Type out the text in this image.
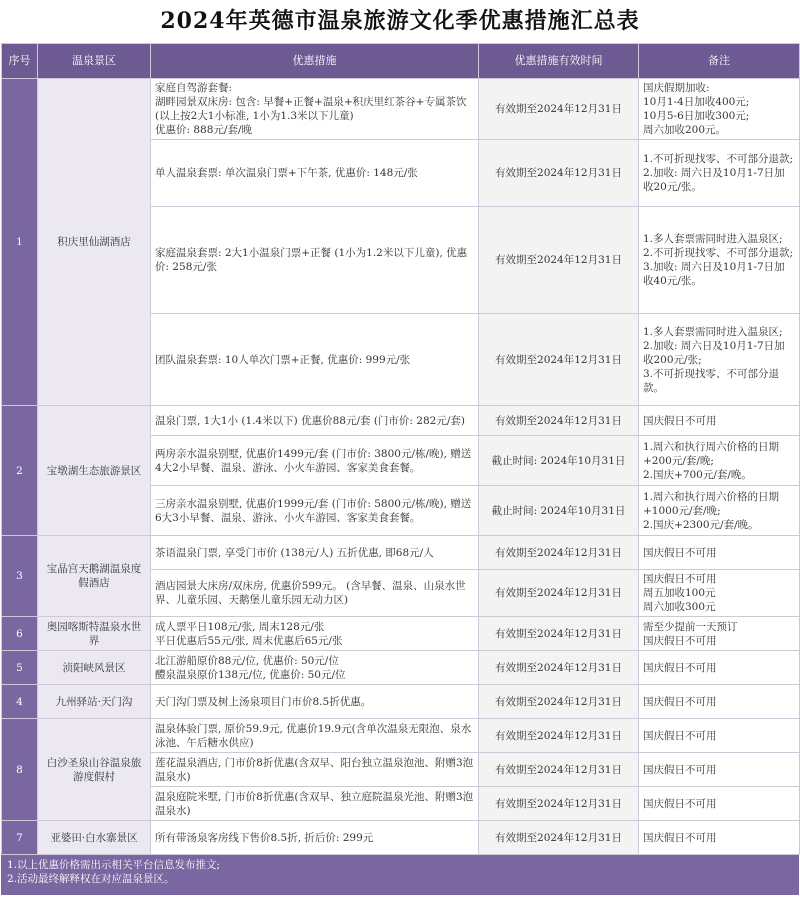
2024年英德市温泉旅游文化季优惠措施汇总表
序号	温泉景区	优惠措施	优惠措施有效时间	备注
1	积庆里仙湖酒店	家庭自驾游套餐:
湖畔园景双床房: 包含: 早餐+正餐+温泉+积庆里红茶谷+专属茶饮 (以上按2大1小标准, 1小为1.3米以下儿童)
优惠价: 888元/套/晚	有效期至2024年12月31日	国庆假期加收:
10月1-4日加收400元;
10月5-6日加收300元;
周六加收200元。
		单人温泉套票: 单次温泉门票+下午茶, 优惠价: 148元/张	有效期至2024年12月31日	1.不可折现找零、不可部分退款;
2.加收: 周六日及10月1-7日加收20元/张。
		家庭温泉套票: 2大1小温泉门票+正餐 (1小为1.2米以下儿童), 优惠价: 258元/张	有效期至2024年12月31日	1.多人套票需同时进入温泉区;
2.不可折现找零、不可部分退款;
3.加收: 周六日及10月1-7日加收40元/张。
		团队温泉套票: 10人单次门票+正餐, 优惠价: 999元/张	有效期至2024年12月31日	1.多人套票需同时进入温泉区;
2.加收: 周六日及10月1-7日加收200元/张;
3.不可折现找零、不可部分退款。
2	宝墩湖生态旅游景区	温泉门票, 1大1小 (1.4米以下) 优惠价88元/套 (门市价: 282元/套)	有效期至2024年12月31日	国庆假日不可用
		两房亲水温泉别墅, 优惠价1499元/套 (门市价: 3800元/栋/晚), 赠送4大2小早餐、温泉、游泳、小火车游园、客家美食套餐。	截止时间: 2024年10月31日	1.周六和执行周六价格的日期+200元/套/晚;
2.国庆+700元/套/晚。
		三房亲水温泉别墅, 优惠价1999元/套 (门市价: 5800元/栋/晚), 赠送6大3小早餐、温泉、游泳、小火车游园、客家美食套餐。	截止时间: 2024年10月31日	1.周六和执行周六价格的日期+1000元/套/晚;
2.国庆+2300元/套/晚。
3	宝晶宫天鹅湖温泉度假酒店	茶语温泉门票, 享受门市价 (138元/人) 五折优惠, 即68元/人	有效期至2024年12月31日	国庆假日不可用
		酒店园景大床房/双床房, 优惠价599元。 (含早餐、温泉、山泉水世界、儿童乐园、天鹅堡儿童乐园无动力区)	有效期至2024年12月31日	国庆假日不可用
周五加收100元
周六加收300元
6	奥园喀斯特温泉水世界	成人票平日108元/张, 周末128元/张
平日优惠后55元/张, 周末优惠后65元/张	有效期至2024年12月31日	需至少提前一天预订
国庆假日不可用
5	浈阳峡风景区	北江游船原价88元/位, 优惠价: 50元/位
醴泉温泉原价138元/位, 优惠价: 50元/位	有效期至2024年12月31日	国庆假日不可用
4	九州驿站·天门沟	天门沟门票及树上汤泉项目门市价8.5折优惠。	有效期至2024年12月31日	国庆假日不可用
8	白沙圣泉山谷温泉旅游度假村	温泉体验门票, 原价59.9元, 优惠价19.9元(含单次温泉无限泡、泉水泳池、午后糖水供应)	有效期至2024年12月31日	国庆假日不可用
		莲花温泉酒店, 门市价8折优惠(含双早、阳台独立温泉泡池、附赠3泡温泉水)	有效期至2024年12月31日	国庆假日不可用
		温泉庭院米墅, 门市价8折优惠(含双早、独立庭院温泉光池、附赠3泡温泉水)	有效期至2024年12月31日	国庆假日不可用
7	亚婆田·白水寨景区	所有带汤泉客房线下售价8.5折, 折后价: 299元	有效期至2024年12月31日	国庆假日不可用
1.以上优惠价格需出示相关平台信息发布推文;
2.活动最终解释权在对应温泉景区。
